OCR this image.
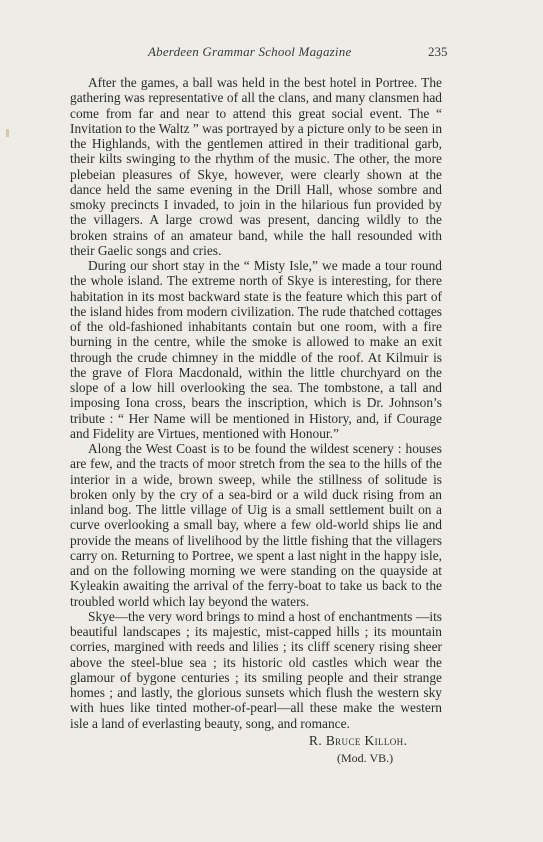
Aberdeen Grammar School Magazine	235

After the games, a ball was held in the best hotel in Portree. The gathering was representative of all the clans, and many clansmen had come from far and near to attend this great social event. The “ Invitation to the Waltz ” was portrayed by a picture only to be seen in the Highlands, with the gentlemen attired in their traditional garb, their kilts swinging to the rhythm of the music. The other, the more plebeian pleasures of Skye, however, were clearly shown at the dance held the same evening in the Drill Hall, whose sombre and smoky precincts I invaded, to join in the hilarious fun provided by the villagers. A large crowd was present, dancing wildly to the broken strains of an amateur band, while the hall resounded with their Gaelic songs and cries.

During our short stay in the “ Misty Isle,” we made a tour round the whole island. The extreme north of Skye is interesting, for there habitation in its most backward state is the feature which this part of the island hides from modern civilization. The rude thatched cottages of the old-fashioned inhabitants contain but one room, with a fire burning in the centre, while the smoke is allowed to make an exit through the crude chimney in the middle of the roof. At Kilmuir is the grave of Flora Macdonald, within the little churchyard on the slope of a low hill overlooking the sea. The tombstone, a tall and imposing Iona cross, bears the inscription, which is Dr. Johnson’s tribute : “ Her Name will be mentioned in History, and, if Courage and Fidelity are Virtues, mentioned with Honour.”

Along the West Coast is to be found the wildest scenery : houses are few, and the tracts of moor stretch from the sea to the hills of the interior in a wide, brown sweep, while the stillness of solitude is broken only by the cry of a sea-bird or a wild duck rising from an inland bog. The little village of Uig is a small settlement built on a curve overlooking a small bay, where a few old-world ships lie and provide the means of livelihood by the little fishing that the villagers carry on. Returning to Portree, we spent a last night in the happy isle, and on the following morning we were standing on the quayside at Kyleakin awaiting the arrival of the ferry-boat to take us back to the troubled world which lay beyond the waters.

Skye—the very word brings to mind a host of enchantments —its beautiful landscapes ; its majestic, mist-capped hills ; its mountain corries, margined with reeds and lilies ; its cliff scenery rising sheer above the steel-blue sea ; its historic old castles which wear the glamour of bygone centuries ; its smiling people and their strange homes ; and lastly, the glorious sunsets which flush the western sky with hues like tinted mother-of-pearl—all these make the western isle a land of everlasting beauty, song, and romance.

R. Bruce Killoh.
(Mod. VB.)
